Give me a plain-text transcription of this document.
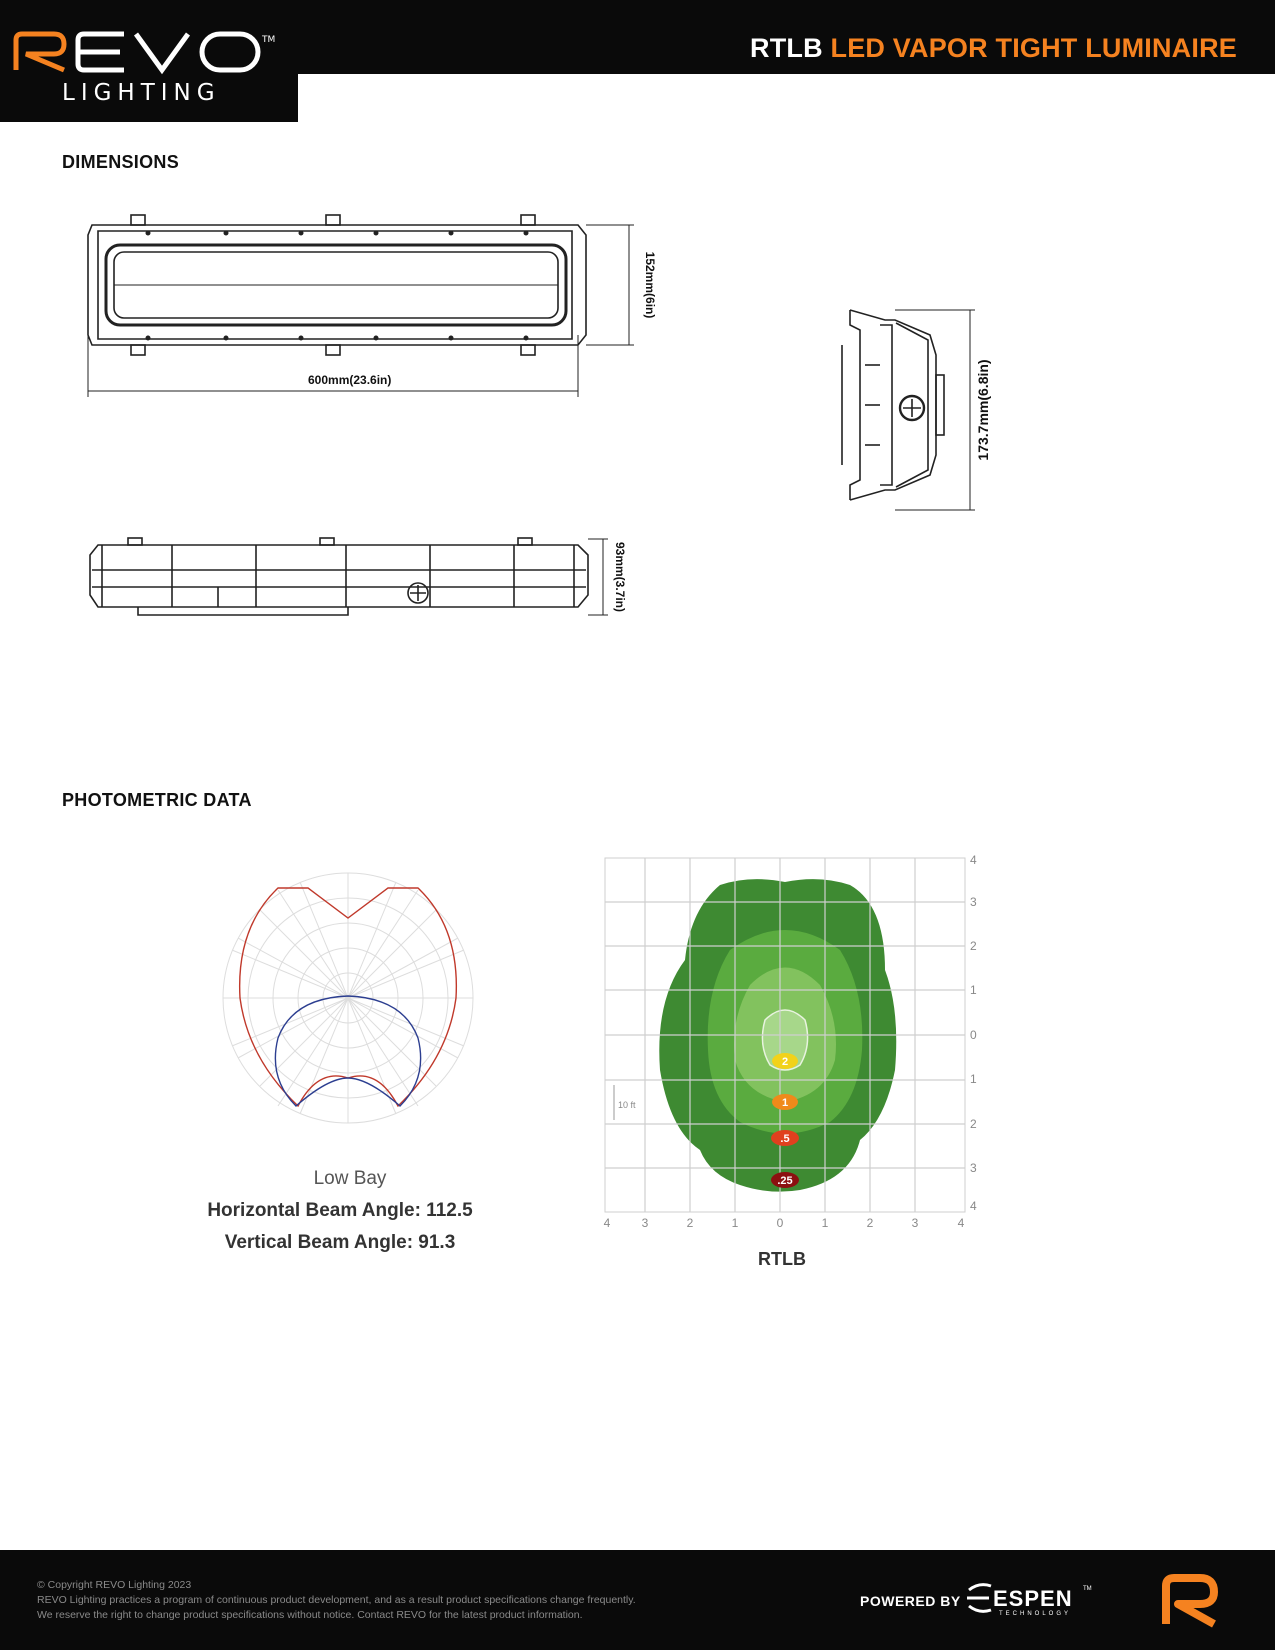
TM
LIGHTING
RTLB LED VAPOR TIGHT LUMINAIRE
DIMENSIONS
600mm(23.6in)
152mm(6in)
93mm(3.7in)
173.7mm(6.8in)
PHOTOMETRIC DATA
Low Bay
Horizontal Beam Angle: 112.5
Vertical Beam Angle: 91.3
10 ft
2
1
.5
.25
4
3
2
1
0
1
2
3
4
4	3	2	1	0	1	2	3	4
RTLB
© Copyright REVO Lighting 2023
REVO Lighting practices a program of continuous product development, and as a result product specifications change frequently.
We reserve the right to change product specifications without notice. Contact REVO for the latest product information.
POWERED BY ESPEN TM
TECHNOLOGY
